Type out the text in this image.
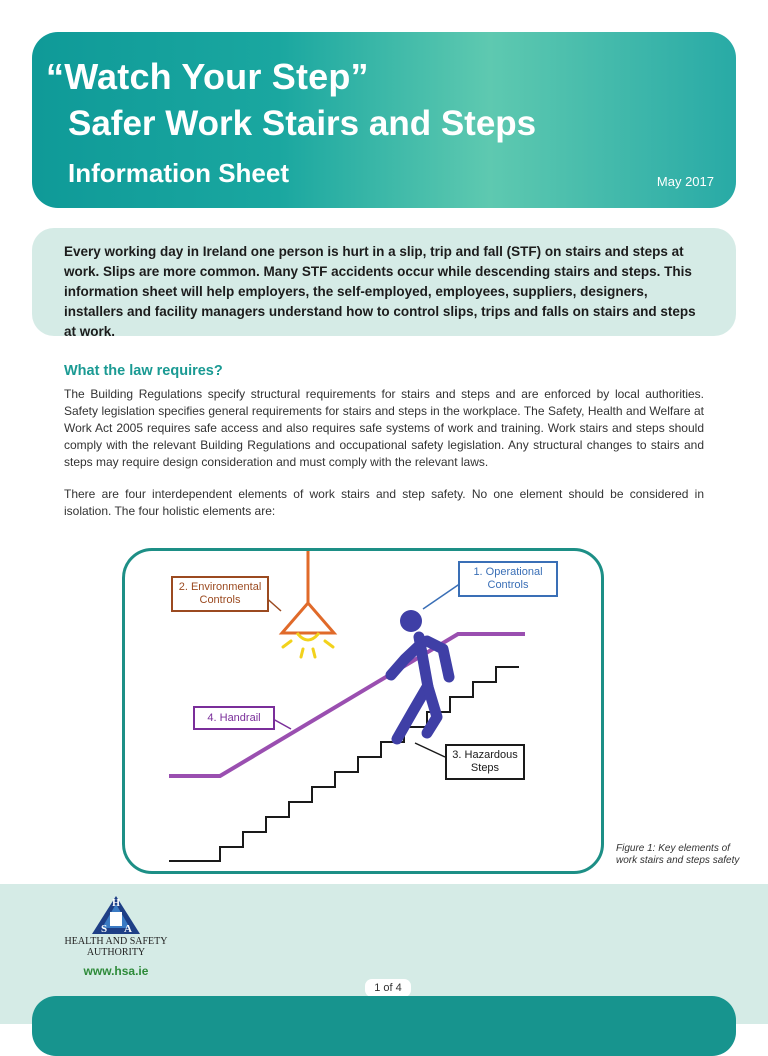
“Watch Your Step”
Safer Work Stairs and Steps
Information Sheet	May 2017

Every working day in Ireland one person is hurt in a slip, trip and fall (STF) on stairs and steps at work. Slips are more common. Many STF accidents occur while descending stairs and steps. This information sheet will help employers, the self-employed, employees, suppliers, designers, installers and facility managers understand how to control slips, trips and falls on stairs and steps at work.

What the law requires?

The Building Regulations specify structural requirements for stairs and steps and are enforced by local authorities. Safety legislation specifies general requirements for stairs and steps in the workplace. The Safety, Health and Welfare at Work Act 2005 requires safe access and also requires safe systems of work and training. Work stairs and steps should comply with the relevant Building Regulations and occupational safety legislation. Any structural changes to stairs and steps may require design consideration and must comply with the relevant laws.

There are four interdependent elements of work stairs and step safety. No one element should be considered in isolation. The four holistic elements are:

2. Environmental
Controls
1. Operational
Controls
4. Handrail
3. Hazardous
Steps
Figure 1: Key elements of
work stairs and steps safety
H
S A
HEALTH AND SAFETY
AUTHORITY
www.hsa.ie
1 of 4
